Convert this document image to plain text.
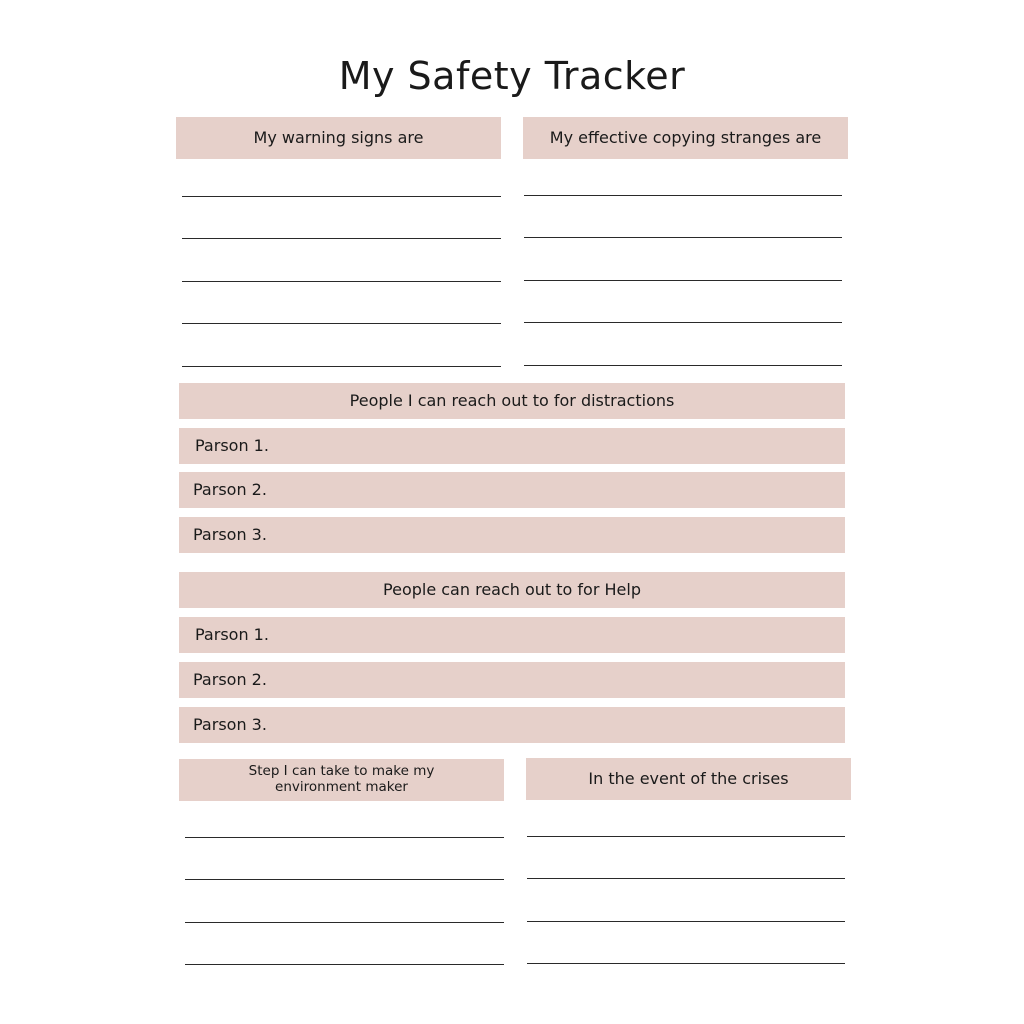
My Safety Tracker
My warning signs are	My effective copying stranges are
People I can reach out to for distractions
Parson 1.
Parson 2.
Parson 3.
People can reach out to for Help
Parson 1.
Parson 2.
Parson 3.
Step I can take to make my environment maker	In the event of the crises
